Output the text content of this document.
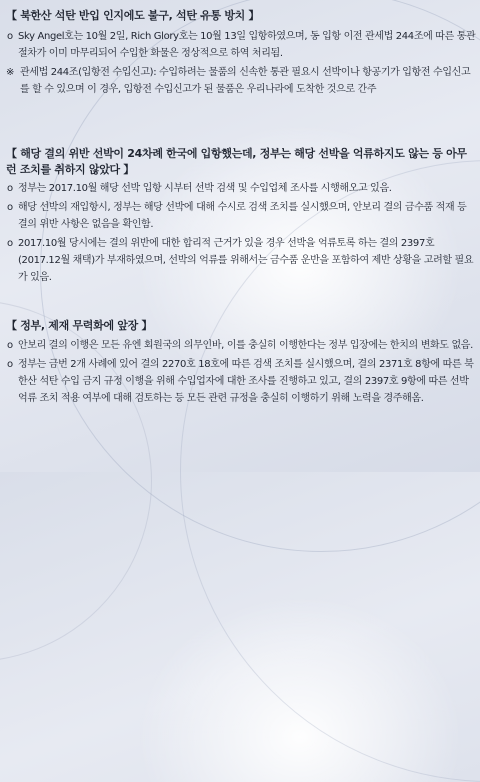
【 북한산 석탄 반입 인지에도 불구, 석탄 유통 방치 】
o Sky Angel호는 10월 2일, Rich Glory호는 10월 13일 입항하였으며, 동 입항 이전 관세법 244조에 따른 통관절차가 이미 마무리되어 수입한 화물은 정상적으로 하역 처리됨.
※ 관세법 244조(입항전 수입신고): 수입하려는 물품의 신속한 통관 필요시 선박이나 항공기가 입항전 수입신고를 할 수 있으며 이 경우, 입항전 수입신고가 된 물품은 우리나라에 도착한 것으로 간주
【 해당 결의 위반 선박이 24차례 한국에 입항했는데, 정부는 해당 선박을 억류하지도 않는 등 아무런 조치를 취하지 않았다 】
o 정부는 2017.10월 해당 선박 입항 시부터 선박 검색 및 수입업체 조사를 시행해오고 있음.
o 해당 선박의 재입항시, 정부는 해당 선박에 대해 수시로 검색 조치를 실시했으며, 안보리 결의 금수품 적재 등 결의 위반 사항은 없음을 확인함.
o 2017.10월 당시에는 결의 위반에 대한 합리적 근거가 있을 경우 선박을 억류토록 하는 결의 2397호(2017.12월 채택)가 부재하였으며, 선박의 억류를 위해서는 금수품 운반을 포함하여 제반 상황을 고려할 필요가 있음.
【 정부, 제재 무력화에 앞장 】
o 안보리 결의 이행은 모든 유엔 회원국의 의무인바, 이를 충실히 이행한다는 정부 입장에는 한치의 변화도 없음.
o 정부는 금번 2개 사례에 있어 결의 2270호 18호에 따른 검색 조치를 실시했으며, 결의 2371호 8항에 따른 북한산 석탄 수입 금지 규정 이행을 위해 수입업자에 대한 조사를 진행하고 있고, 결의 2397호 9항에 따른 선박 억류 조치 적용 여부에 대해 검토하는 등 모든 관련 규정을 충실히 이행하기 위해 노력을 경주해옴.
